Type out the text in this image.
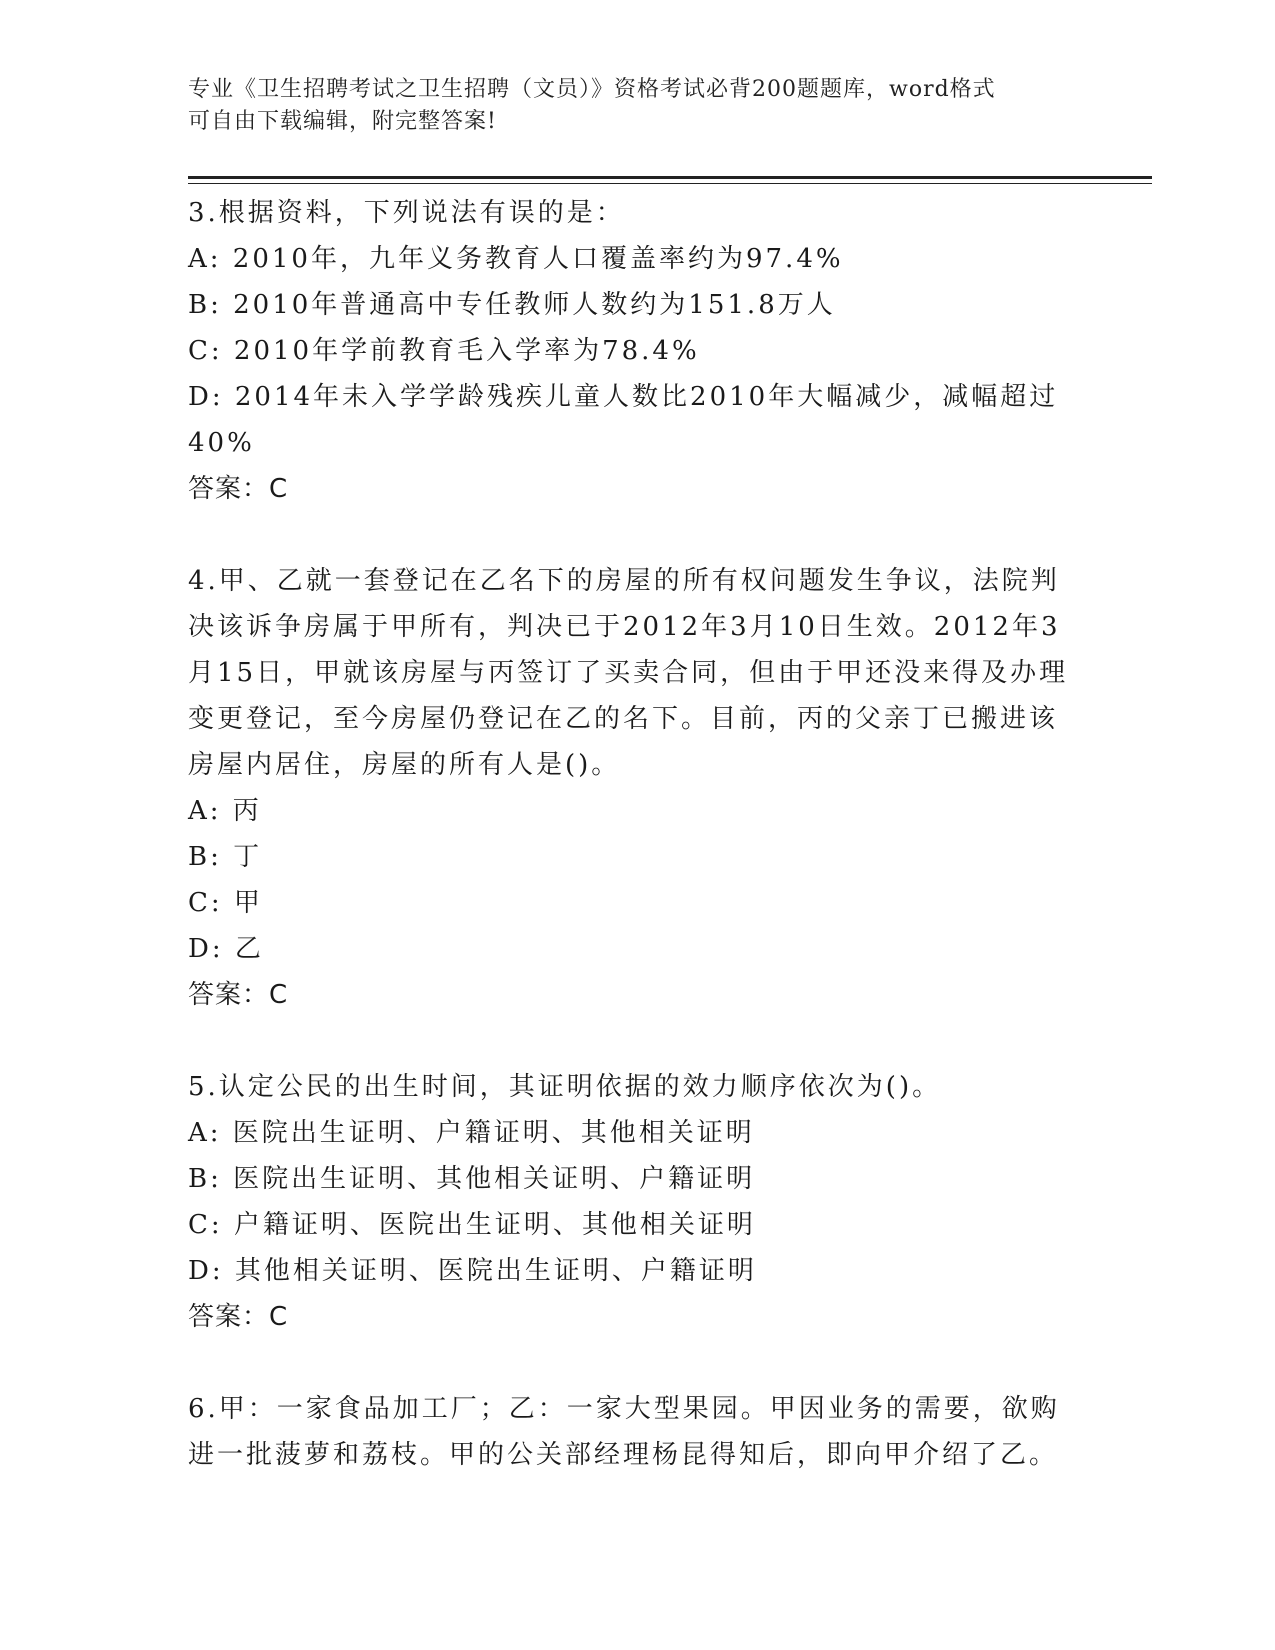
专业《卫生招聘考试之卫生招聘（文员）》资格考试必背200题题库，word格式
可自由下载编辑，附完整答案!
3.根据资料，下列说法有误的是：
A: 2010年，九年义务教育人口覆盖率约为97.4%
B: 2010年普通高中专任教师人数约为151.8万人
C: 2010年学前教育毛入学率为78.4%
D: 2014年未入学学龄残疾儿童人数比2010年大幅减少，减幅超过
40%
答案：C
4.甲、乙就一套登记在乙名下的房屋的所有权问题发生争议，法院判
决该诉争房属于甲所有，判决已于2012年3月10日生效。2012年3
月15日，甲就该房屋与丙签订了买卖合同，但由于甲还没来得及办理
变更登记，至今房屋仍登记在乙的名下。目前，丙的父亲丁已搬进该
房屋内居住，房屋的所有人是()。
A: 丙
B: 丁
C: 甲
D: 乙
答案：C
5.认定公民的出生时间，其证明依据的效力顺序依次为()。
A: 医院出生证明、户籍证明、其他相关证明
B: 医院出生证明、其他相关证明、户籍证明
C: 户籍证明、医院出生证明、其他相关证明
D: 其他相关证明、医院出生证明、户籍证明
答案：C
6.甲：一家食品加工厂；乙：一家大型果园。甲因业务的需要，欲购
进一批菠萝和荔枝。甲的公关部经理杨昆得知后，即向甲介绍了乙。
